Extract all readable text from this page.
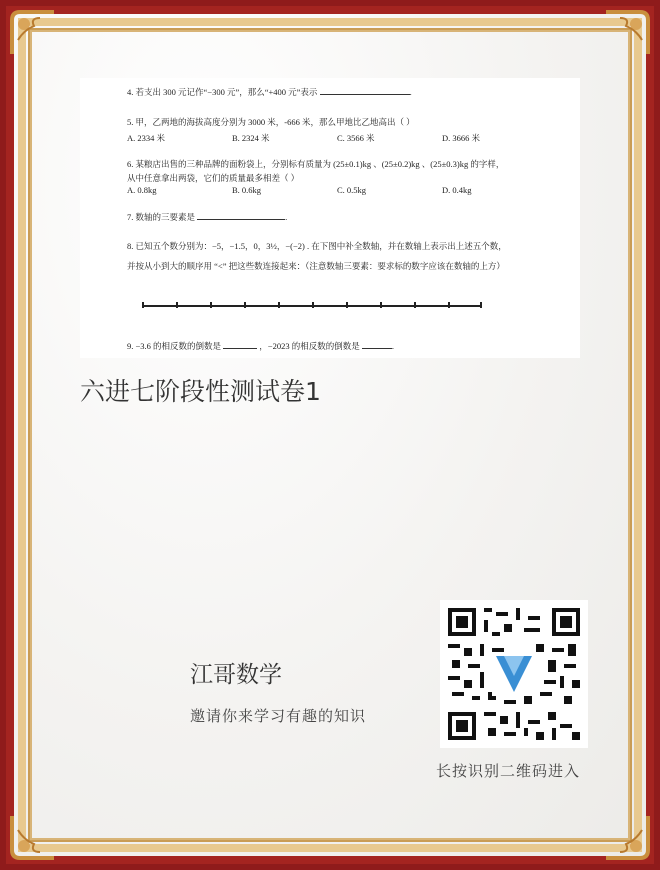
4. 若支出 300 元记作“−300 元”，那么“+400 元”表示	.
5. 甲，乙两地的海拔高度分别为 3000 米，-666 米，那么甲地比乙地高出（ ）
A. 2334 米	B. 2324 米	C. 3566 米	D. 3666 米
6. 某粮店出售的三种品牌的面粉袋上，分别标有质量为 (25±0.1)kg 、(25±0.2)kg 、(25±0.3)kg 的字样，
从中任意拿出两袋，它们的质量最多相差（ ）
A. 0.8kg	B. 0.6kg	C. 0.5kg	D. 0.4kg
7. 数轴的三要素是	.
8. 已知五个数分别为：−5，−1.5，0，3½，−(−2) . 在下图中补全数轴，并在数轴上表示出上述五个数，
并按从小到大的顺序用 “<” 把这些数连接起来：（注意数轴三要素：要求标的数字应该在数轴的上方）
9. −3.6 的相反数的倒数是	，−2023 的相反数的倒数是	.
六进七阶段性测试卷1
江哥数学
邀请你来学习有趣的知识
长按识别二维码进入
